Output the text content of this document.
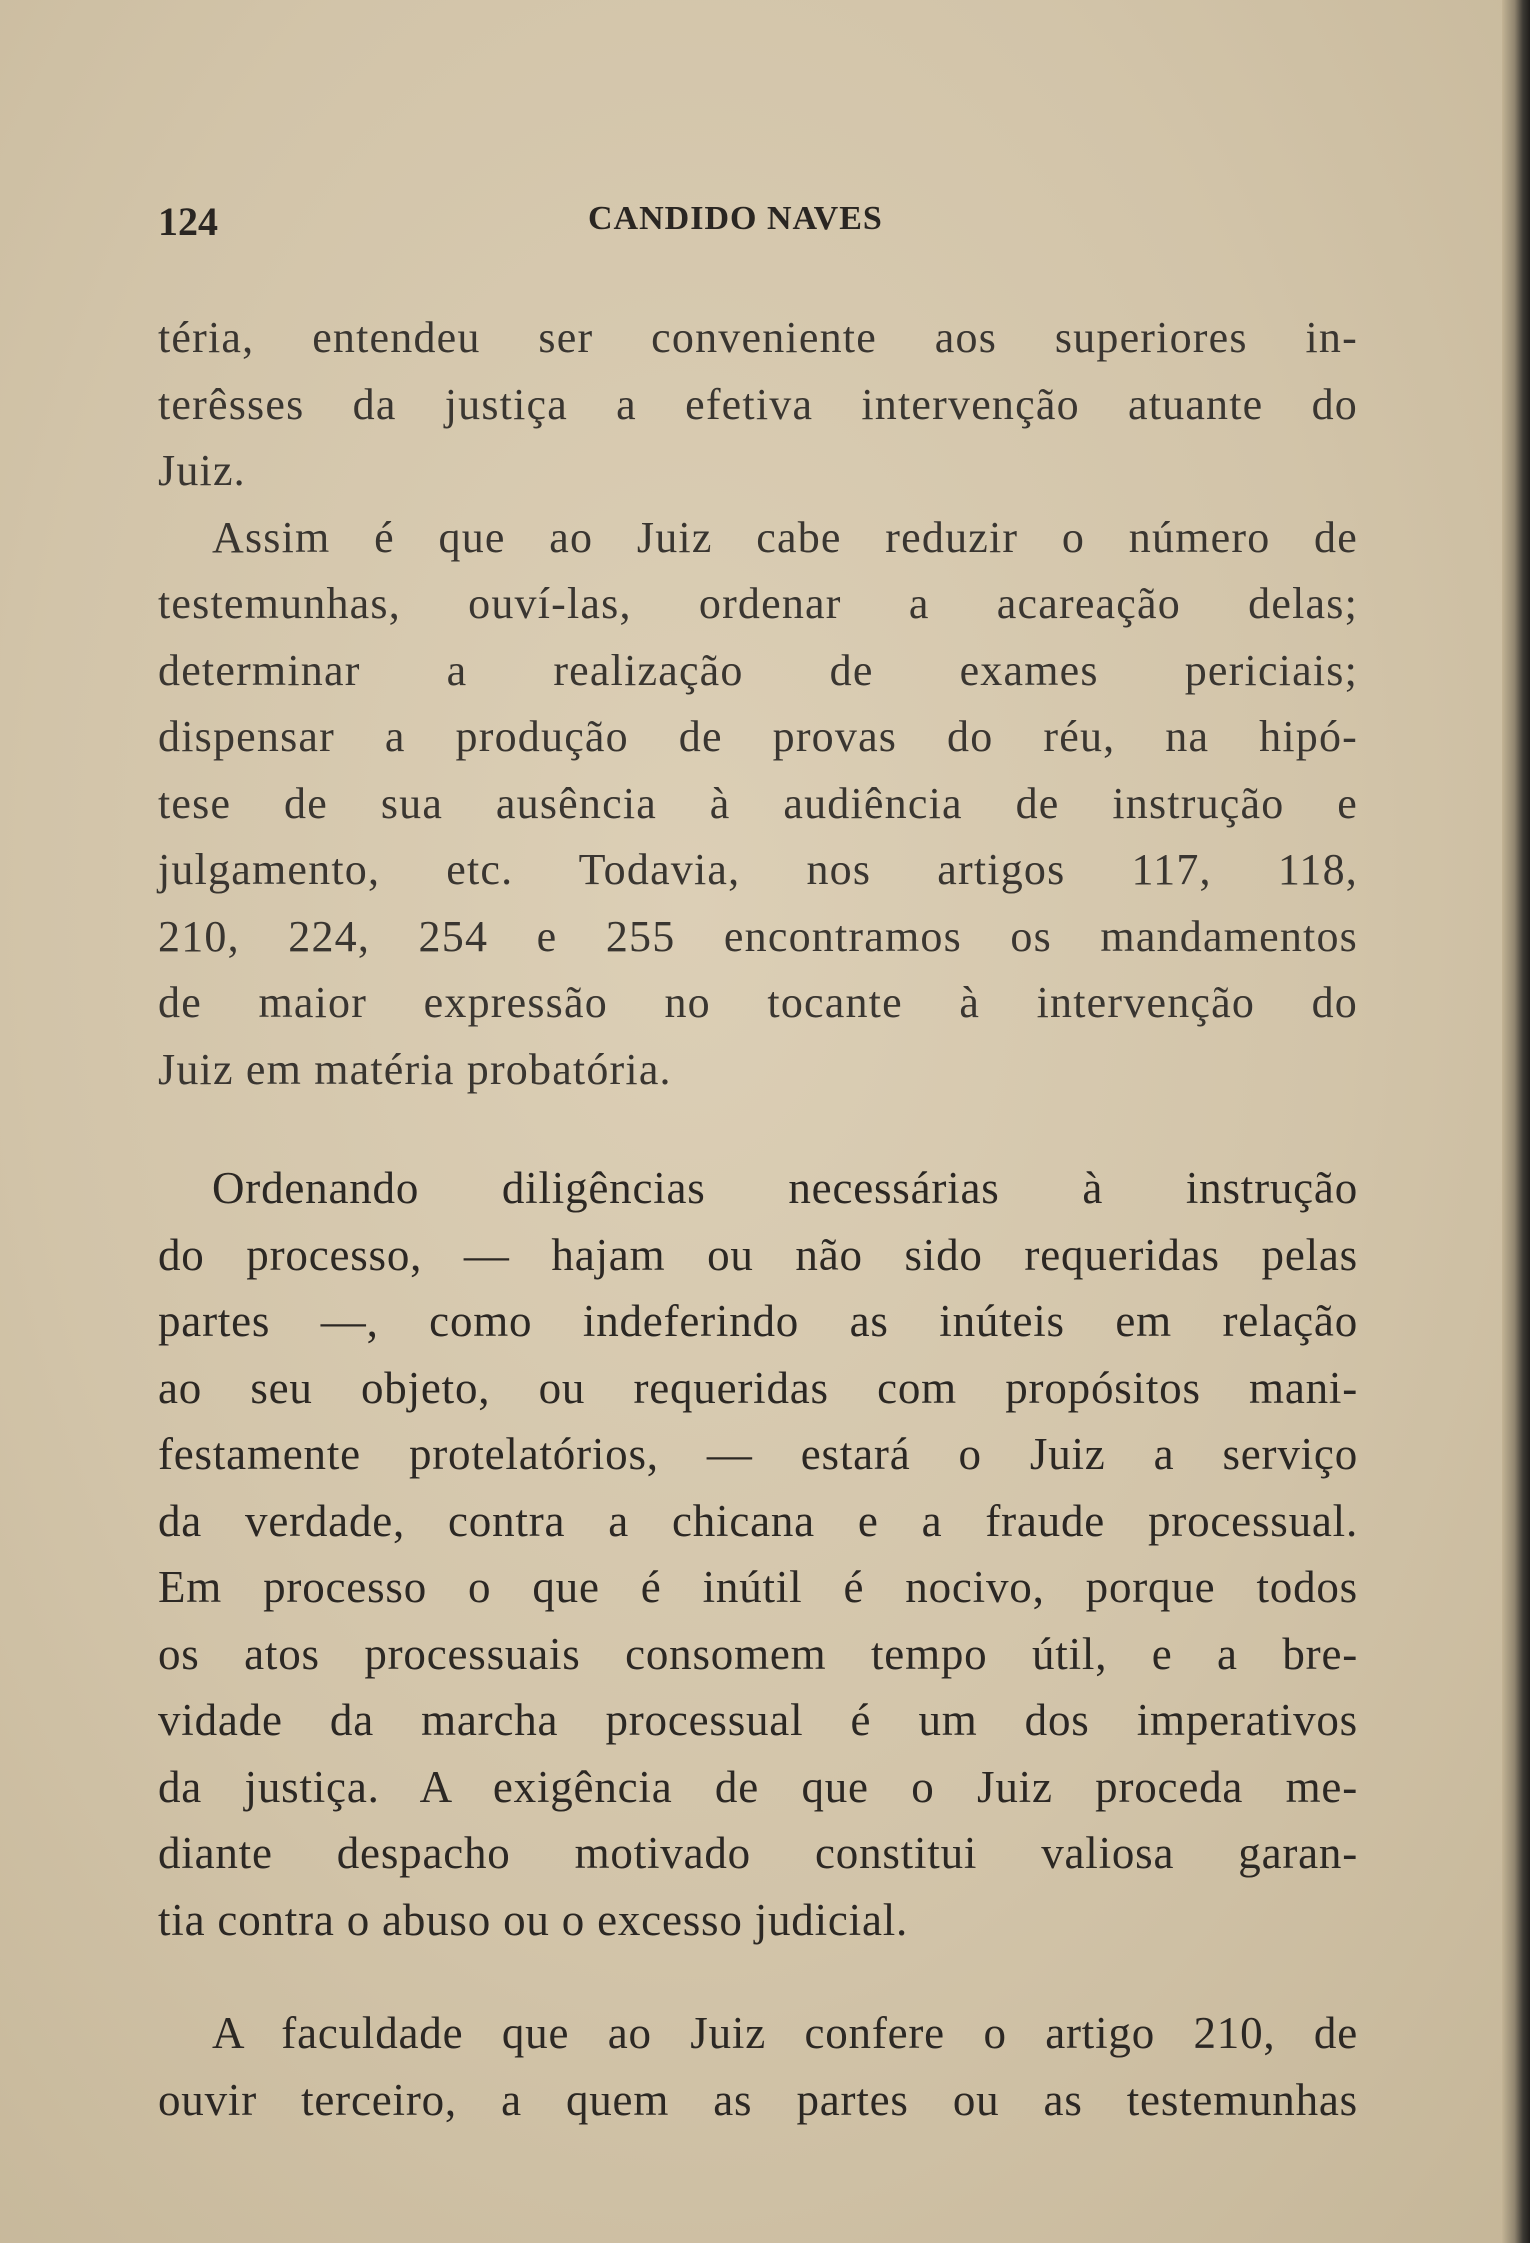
124	CANDIDO NAVES
téria, entendeu ser conveniente aos superiores in-
terêsses da justiça a efetiva intervenção atuante do
Juiz.
Assim é que ao Juiz cabe reduzir o número de
testemunhas, ouví-las, ordenar a acareação delas;
determinar a realização de exames periciais;
dispensar a produção de provas do réu, na hipó-
tese de sua ausência à audiência de instrução e
julgamento, etc. Todavia, nos artigos 117, 118,
210, 224, 254 e 255 encontramos os mandamentos
de maior expressão no tocante à intervenção do
Juiz em matéria probatória.
Ordenando diligências necessárias à instrução
do processo, — hajam ou não sido requeridas pelas
partes —, como indeferindo as inúteis em relação
ao seu objeto, ou requeridas com propósitos mani-
festamente protelatórios, — estará o Juiz a serviço
da verdade, contra a chicana e a fraude processual.
Em processo o que é inútil é nocivo, porque todos
os atos processuais consomem tempo útil, e a bre-
vidade da marcha processual é um dos imperativos
da justiça. A exigência de que o Juiz proceda me-
diante despacho motivado constitui valiosa garan-
tia contra o abuso ou o excesso judicial.
A faculdade que ao Juiz confere o artigo 210, de
ouvir terceiro, a quem as partes ou as testemunhas
